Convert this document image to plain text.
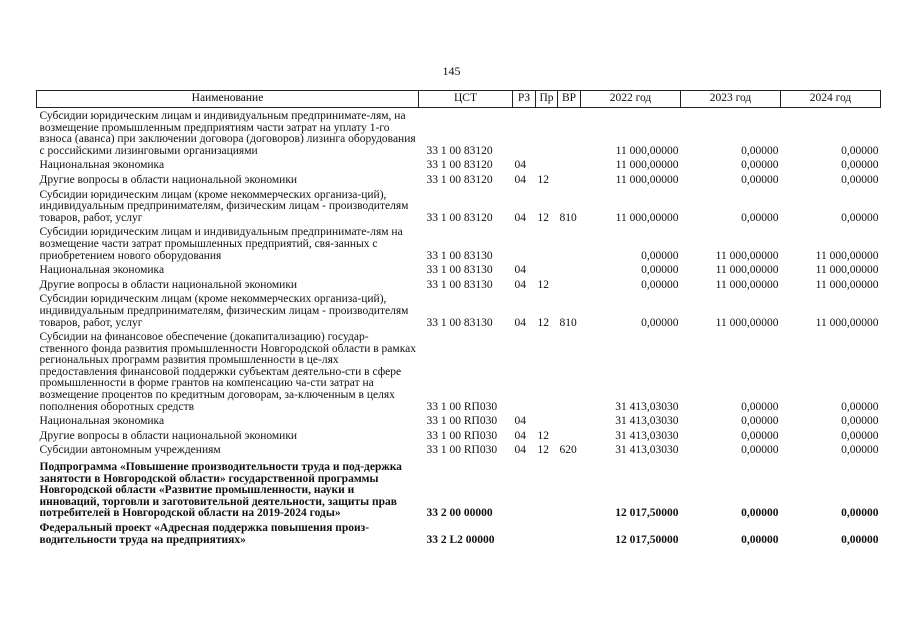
145
Наименование	ЦСТ	РЗ	Пр	ВР	2022 год	2023 год	2024 год
Субсидии юридическим лицам и индивидуальным предпринимате-лям, на возмещение промышленным предприятиям части затрат на уплату 1-го взноса (аванса) при заключении договора (договоров) лизинга оборудования с российскими лизинговыми организациями	33 1 00 83120				11 000,00000	0,00000	0,00000
Национальная экономика	33 1 00 83120	04			11 000,00000	0,00000	0,00000
Другие вопросы в области национальной экономики	33 1 00 83120	04	12		11 000,00000	0,00000	0,00000
Субсидии юридическим лицам (кроме некоммерческих организа-ций), индивидуальным предпринимателям, физическим лицам - производителям товаров, работ, услуг	33 1 00 83120	04	12	810	11 000,00000	0,00000	0,00000
Субсидии юридическим лицам и индивидуальным предпринимате-лям на возмещение части затрат промышленных предприятий, свя-занных с приобретением нового оборудования	33 1 00 83130				0,00000	11 000,00000	11 000,00000
Национальная экономика	33 1 00 83130	04			0,00000	11 000,00000	11 000,00000
Другие вопросы в области национальной экономики	33 1 00 83130	04	12		0,00000	11 000,00000	11 000,00000
Субсидии юридическим лицам (кроме некоммерческих организа-ций), индивидуальным предпринимателям, физическим лицам - производителям товаров, работ, услуг	33 1 00 83130	04	12	810	0,00000	11 000,00000	11 000,00000
Субсидии на финансовое обеспечение (докапитализацию) государ-ственного фонда развития промышленности Новгородской области в рамках региональных программ развития промышленности в це-лях предоставления финансовой поддержки субъектам деятельно-сти в сфере промышленности в форме грантов на компенсацию ча-сти затрат на возмещение процентов по кредитным договорам, за-ключенным в целях пополнения оборотных средств	33 1 00 RП030				31 413,03030	0,00000	0,00000
Национальная экономика	33 1 00 RП030	04			31 413,03030	0,00000	0,00000
Другие вопросы в области национальной экономики	33 1 00 RП030	04	12		31 413,03030	0,00000	0,00000
Субсидии автономным учреждениям	33 1 00 RП030	04	12	620	31 413,03030	0,00000	0,00000
Подпрограмма «Повышение производительности труда и под-держка занятости в Новгородской области» государственной программы Новгородской области «Развитие промышленности, науки и инноваций, торговли и заготовительной деятельности, защиты прав потребителей в Новгородской области на 2019-2024 годы»	33 2 00 00000				12 017,50000	0,00000	0,00000
Федеральный проект «Адресная поддержка повышения произ-водительности труда на предприятиях»	33 2 L2 00000				12 017,50000	0,00000	0,00000
